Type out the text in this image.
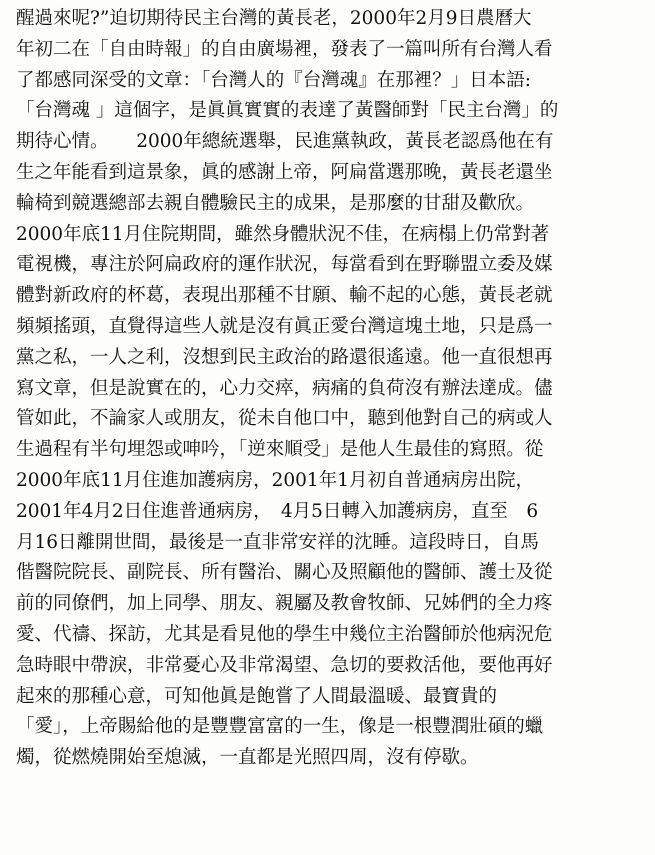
醒過來呢?”迫切期待民主台灣的黃長老，2000年2月9日農曆大
年初二在「自由時報」的自由廣場裡，發表了一篇叫所有台灣人看
了都感同深受的文章：「台灣人的『台灣魂』在那裡？」日本語:
「台灣魂 」這個字，是眞眞實實的表達了黃醫師對「民主台灣」的
期待心情。　　2000年總統選舉，民進黨執政，黃長老認爲他在有
生之年能看到這景象，眞的感謝上帝，阿扁當選那晚，黃長老還坐
輪椅到競選總部去親自體驗民主的成果，是那麼的甘甜及歡欣。
2000年底11月住院期間，雖然身體狀況不佳，在病榻上仍常對著
電視機，專注於阿扁政府的運作狀況，每當看到在野聯盟立委及媒
體對新政府的杯葛，表現出那種不甘願、輸不起的心態，黃長老就
頻頻搖頭，直覺得這些人就是沒有眞正愛台灣這塊土地，只是爲一
黨之私，一人之利，沒想到民主政治的路還很遙遠。他一直很想再
寫文章，但是說實在的，心力交瘁，病痛的負荷沒有辦法達成。儘
管如此，不論家人或朋友，從未自他口中，聽到他對自己的病或人
生過程有半句埋怨或呻吟，「逆來順受」是他人生最佳的寫照。從
2000年底11月住進加護病房，2001年1月初自普通病房出院，
2001年4月2日住進普通病房，　4月5日轉入加護病房，直至　6
月16日離開世間，最後是一直非常安祥的沈睡。這段時日，自馬
偕醫院院長、副院長、所有醫治、關心及照顧他的醫師、護士及從
前的同僚們，加上同學、朋友、親屬及教會牧師、兄姊們的全力疼
愛、代禱、探訪，尤其是看見他的學生中幾位主治醫師於他病況危
急時眼中帶淚，非常憂心及非常渴望、急切的要救活他，要他再好
起來的那種心意，可知他眞是飽嘗了人間最溫暖、最寶貴的
「愛」，上帝賜給他的是豐豐富富的一生，像是一根豐潤壯碩的蠟
燭，從燃燒開始至熄滅，一直都是光照四周，沒有停歇。
